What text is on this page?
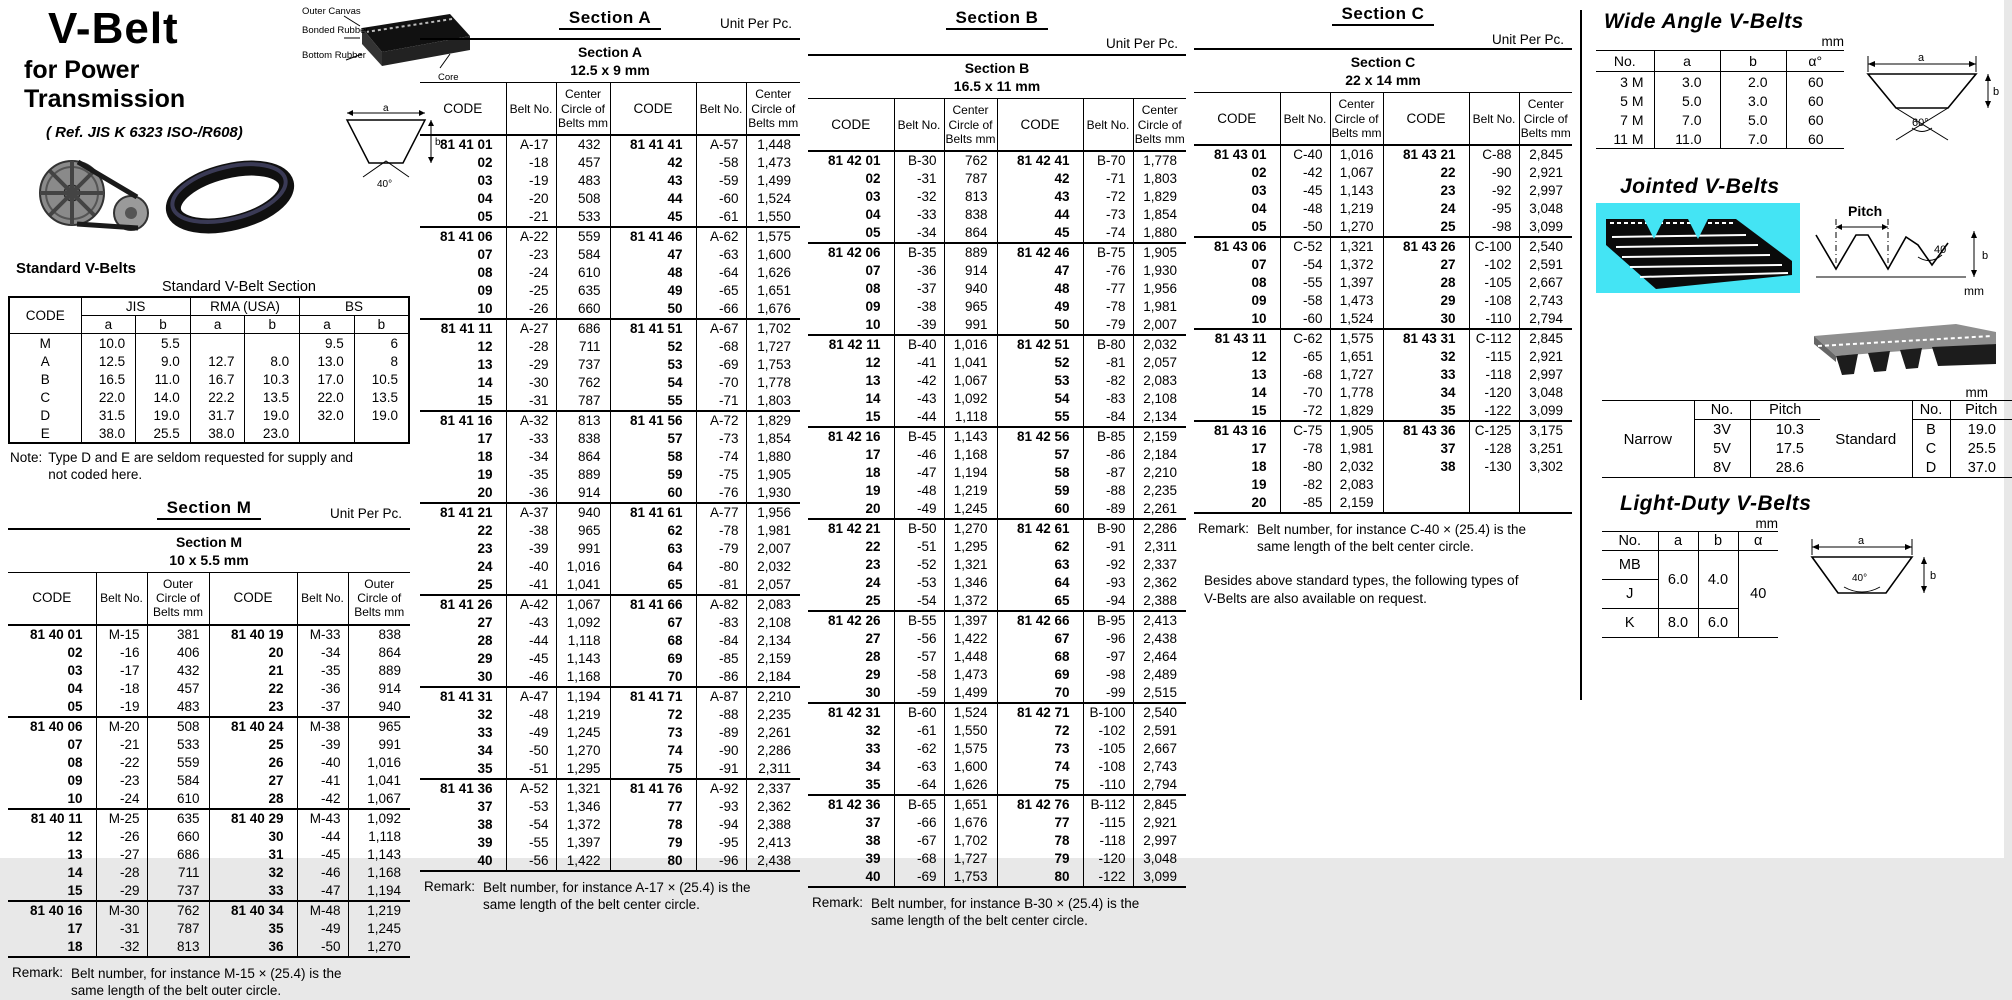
V-Belt
for Power Transmission
( Ref. JIS K 6323 ISO-/R608)
Outer Canvas
Bonded Rubber
Bottom Rubber
Core
a
b
40°
Standard V-Belts
Standard V-Belt Section
CODE	JIS		RMA (USA)		BS	
	a	b	a	b	a	b
M	10.0	5.5			9.5	6
A	12.5	9.0	12.7	8.0	13.0	8
B	16.5	11.0	16.7	10.3	17.0	10.5
C	22.0	14.0	22.2	13.5	22.0	13.5
D	31.5	19.0	31.7	19.0	32.0	19.0
E	38.0	25.5	38.0	23.0		
Note: Type D and E are seldom requested for supply and
not coded here.
Section M	Unit Per Pc.
Section M
10 x 5.5 mm
CODE	Belt No.	Outer Circle of Belts mm	CODE	Belt No.	Outer Circle of Belts mm
81 40 01	M-15	381	81 40 19	M-33	838
02	-16	406	20	-34	864
03	-17	432	21	-35	889
04	-18	457	22	-36	914
05	-19	483	23	-37	940
81 40 06	M-20	508	81 40 24	M-38	965
07	-21	533	25	-39	991
08	-22	559	26	-40	1,016
09	-23	584	27	-41	1,041
10	-24	610	28	-42	1,067
81 40 11	M-25	635	81 40 29	M-43	1,092
12	-26	660	30	-44	1,118
13	-27	686	31	-45	1,143
14	-28	711	32	-46	1,168
15	-29	737	33	-47	1,194
81 40 16	M-30	762	81 40 34	M-48	1,219
17	-31	787	35	-49	1,245
18	-32	813	36	-50	1,270
Remark: Belt number, for instance M-15 × (25.4) is the
same length of the belt outer circle.
Section A	Unit Per Pc.
Section A
12.5 x 9 mm
CODE	Belt No.	Center Circle of Belts mm	CODE	Belt No.	Center Circle of Belts mm
81 41 01	A-17	432	81 41 41	A-57	1,448
02	-18	457	42	-58	1,473
03	-19	483	43	-59	1,499
04	-20	508	44	-60	1,524
05	-21	533	45	-61	1,550
81 41 06	A-22	559	81 41 46	A-62	1,575
07	-23	584	47	-63	1,600
08	-24	610	48	-64	1,626
09	-25	635	49	-65	1,651
10	-26	660	50	-66	1,676
81 41 11	A-27	686	81 41 51	A-67	1,702
12	-28	711	52	-68	1,727
13	-29	737	53	-69	1,753
14	-30	762	54	-70	1,778
15	-31	787	55	-71	1,803
81 41 16	A-32	813	81 41 56	A-72	1,829
17	-33	838	57	-73	1,854
18	-34	864	58	-74	1,880
19	-35	889	59	-75	1,905
20	-36	914	60	-76	1,930
81 41 21	A-37	940	81 41 61	A-77	1,956
22	-38	965	62	-78	1,981
23	-39	991	63	-79	2,007
24	-40	1,016	64	-80	2,032
25	-41	1,041	65	-81	2,057
81 41 26	A-42	1,067	81 41 66	A-82	2,083
27	-43	1,092	67	-83	2,108
28	-44	1,118	68	-84	2,134
29	-45	1,143	69	-85	2,159
30	-46	1,168	70	-86	2,184
81 41 31	A-47	1,194	81 41 71	A-87	2,210
32	-48	1,219	72	-88	2,235
33	-49	1,245	73	-89	2,261
34	-50	1,270	74	-90	2,286
35	-51	1,295	75	-91	2,311
81 41 36	A-52	1,321	81 41 76	A-92	2,337
37	-53	1,346	77	-93	2,362
38	-54	1,372	78	-94	2,388
39	-55	1,397	79	-95	2,413
40	-56	1,422	80	-96	2,438
Remark: Belt number, for instance A-17 × (25.4) is the
same length of the belt center circle.
Section B
Unit Per Pc.
Section B
16.5 x 11 mm
CODE	Belt No.	Center Circle of Belts mm	CODE	Belt No.	Center Circle of Belts mm
81 42 01	B-30	762	81 42 41	B-70	1,778
02	-31	787	42	-71	1,803
03	-32	813	43	-72	1,829
04	-33	838	44	-73	1,854
05	-34	864	45	-74	1,880
81 42 06	B-35	889	81 42 46	B-75	1,905
07	-36	914	47	-76	1,930
08	-37	940	48	-77	1,956
09	-38	965	49	-78	1,981
10	-39	991	50	-79	2,007
81 42 11	B-40	1,016	81 42 51	B-80	2,032
12	-41	1,041	52	-81	2,057
13	-42	1,067	53	-82	2,083
14	-43	1,092	54	-83	2,108
15	-44	1,118	55	-84	2,134
81 42 16	B-45	1,143	81 42 56	B-85	2,159
17	-46	1,168	57	-86	2,184
18	-47	1,194	58	-87	2,210
19	-48	1,219	59	-88	2,235
20	-49	1,245	60	-89	2,261
81 42 21	B-50	1,270	81 42 61	B-90	2,286
22	-51	1,295	62	-91	2,311
23	-52	1,321	63	-92	2,337
24	-53	1,346	64	-93	2,362
25	-54	1,372	65	-94	2,388
81 42 26	B-55	1,397	81 42 66	B-95	2,413
27	-56	1,422	67	-96	2,438
28	-57	1,448	68	-97	2,464
29	-58	1,473	69	-98	2,489
30	-59	1,499	70	-99	2,515
81 42 31	B-60	1,524	81 42 71	B-100	2,540
32	-61	1,550	72	-102	2,591
33	-62	1,575	73	-105	2,667
34	-63	1,600	74	-108	2,743
35	-64	1,626	75	-110	2,794
81 42 36	B-65	1,651	81 42 76	B-112	2,845
37	-66	1,676	77	-115	2,921
38	-67	1,702	78	-118	2,997
39	-68	1,727	79	-120	3,048
40	-69	1,753	80	-122	3,099
Remark: Belt number, for instance B-30 × (25.4) is the
same length of the belt center circle.
Section C
Unit Per Pc.
Section C
22 x 14 mm
CODE	Belt No.	Center Circle of Belts mm	CODE	Belt No.	Center Circle of Belts mm
81 43 01	C-40	1,016	81 43 21	C-88	2,845
02	-42	1,067	22	-90	2,921
03	-45	1,143	23	-92	2,997
04	-48	1,219	24	-95	3,048
05	-50	1,270	25	-98	3,099
81 43 06	C-52	1,321	81 43 26	C-100	2,540
07	-54	1,372	27	-102	2,591
08	-55	1,397	28	-105	2,667
09	-58	1,473	29	-108	2,743
10	-60	1,524	30	-110	2,794
81 43 11	C-62	1,575	81 43 31	C-112	2,845
12	-65	1,651	32	-115	2,921
13	-68	1,727	33	-118	2,997
14	-70	1,778	34	-120	3,048
15	-72	1,829	35	-122	3,099
81 43 16	C-75	1,905	81 43 36	C-125	3,175
17	-78	1,981	37	-128	3,251
18	-80	2,032	38	-130	3,302
19	-82	2,083			
20	-85	2,159			
Remark: Belt number, for instance C-40 × (25.4) is the
same length of the belt center circle.
Besides above standard types, the following types of
V-Belts are also available on request.
Wide Angle V-Belts
mm
No.	a	b	α°
3 M	3.0	2.0	60
5 M	5.0	3.0	60
7 M	7.0	5.0	60
11 M	11.0	7.0	60
a
b
60°
Jointed V-Belts
Pitch
40	b
mm
mm
Narrow	No.	Pitch	Standard	No.	Pitch
	3V	10.3		B	19.0
	5V	17.5		C	25.5
	8V	28.6		D	37.0
Light-Duty V-Belts
mm
No.	a	b	α
MB	6.0	4.0	40
J			
K	8.0	6.0	
a
40°	b
